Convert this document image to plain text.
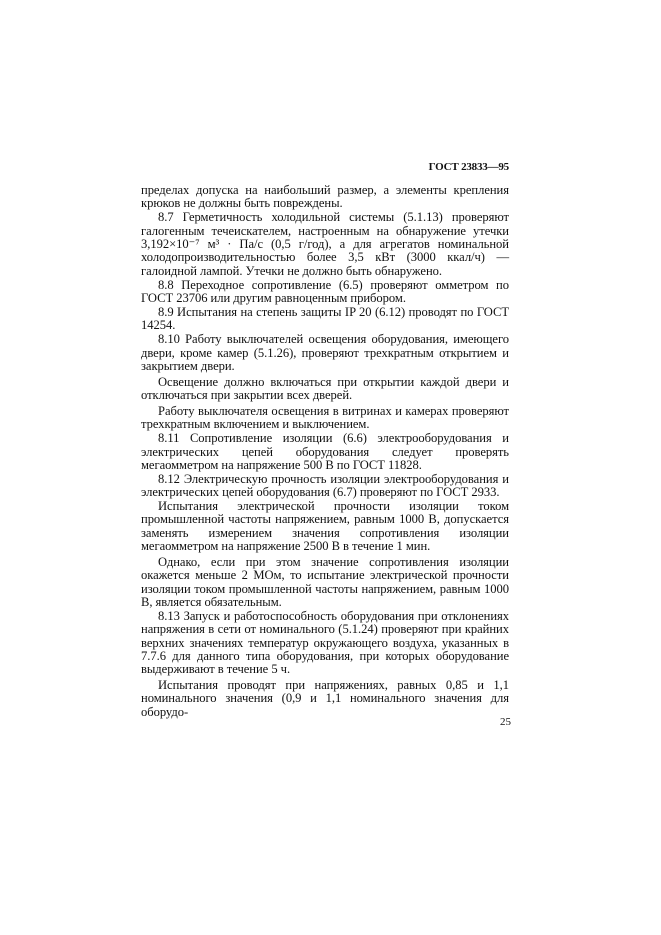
ГОСТ 23833—95

пределах допуска на наибольший размер, а элементы крепления крюков не должны быть повреждены.

8.7 Герметичность холодильной системы (5.1.13) проверяют галогенным течеискателем, настроенным на обнаружение утечки 3,192×10⁻⁷ м³ · Па/с (0,5 г/год), а для агрегатов номинальной холодопроизводительностью более 3,5 кВт (3000 ккал/ч) — галоидной лампой. Утечки не должно быть обнаружено.

8.8 Переходное сопротивление (6.5) проверяют омметром по ГОСТ 23706 или другим равноценным прибором.

8.9 Испытания на степень защиты IP 20 (6.12) проводят по ГОСТ 14254.

8.10 Работу выключателей освещения оборудования, имеющего двери, кроме камер (5.1.26), проверяют трехкратным открытием и закрытием двери.

Освещение должно включаться при открытии каждой двери и отключаться при закрытии всех дверей.

Работу выключателя освещения в витринах и камерах проверяют трехкратным включением и выключением.

8.11 Сопротивление изоляции (6.6) электрооборудования и электрических цепей оборудования следует проверять мегаомметром на напряжение 500 В по ГОСТ 11828.

8.12 Электрическую прочность изоляции электрооборудования и электрических цепей оборудования (6.7) проверяют по ГОСТ 2933.

Испытания электрической прочности изоляции током промышленной частоты напряжением, равным 1000 В, допускается заменять измерением значения сопротивления изоляции мегаомметром на напряжение 2500 В в течение 1 мин.

Однако, если при этом значение сопротивления изоляции окажется меньше 2 МОм, то испытание электрической прочности изоляции током промышленной частоты напряжением, равным 1000 В, является обязательным.

8.13 Запуск и работоспособность оборудования при отклонениях напряжения в сети от номинального (5.1.24) проверяют при крайних верхних значениях температур окружающего воздуха, указанных в 7.7.6 для данного типа оборудования, при которых оборудование выдерживают в течение 5 ч.

Испытания проводят при напряжениях, равных 0,85 и 1,1 номинального значения (0,9 и 1,1 номинального значения для оборудо-

25
